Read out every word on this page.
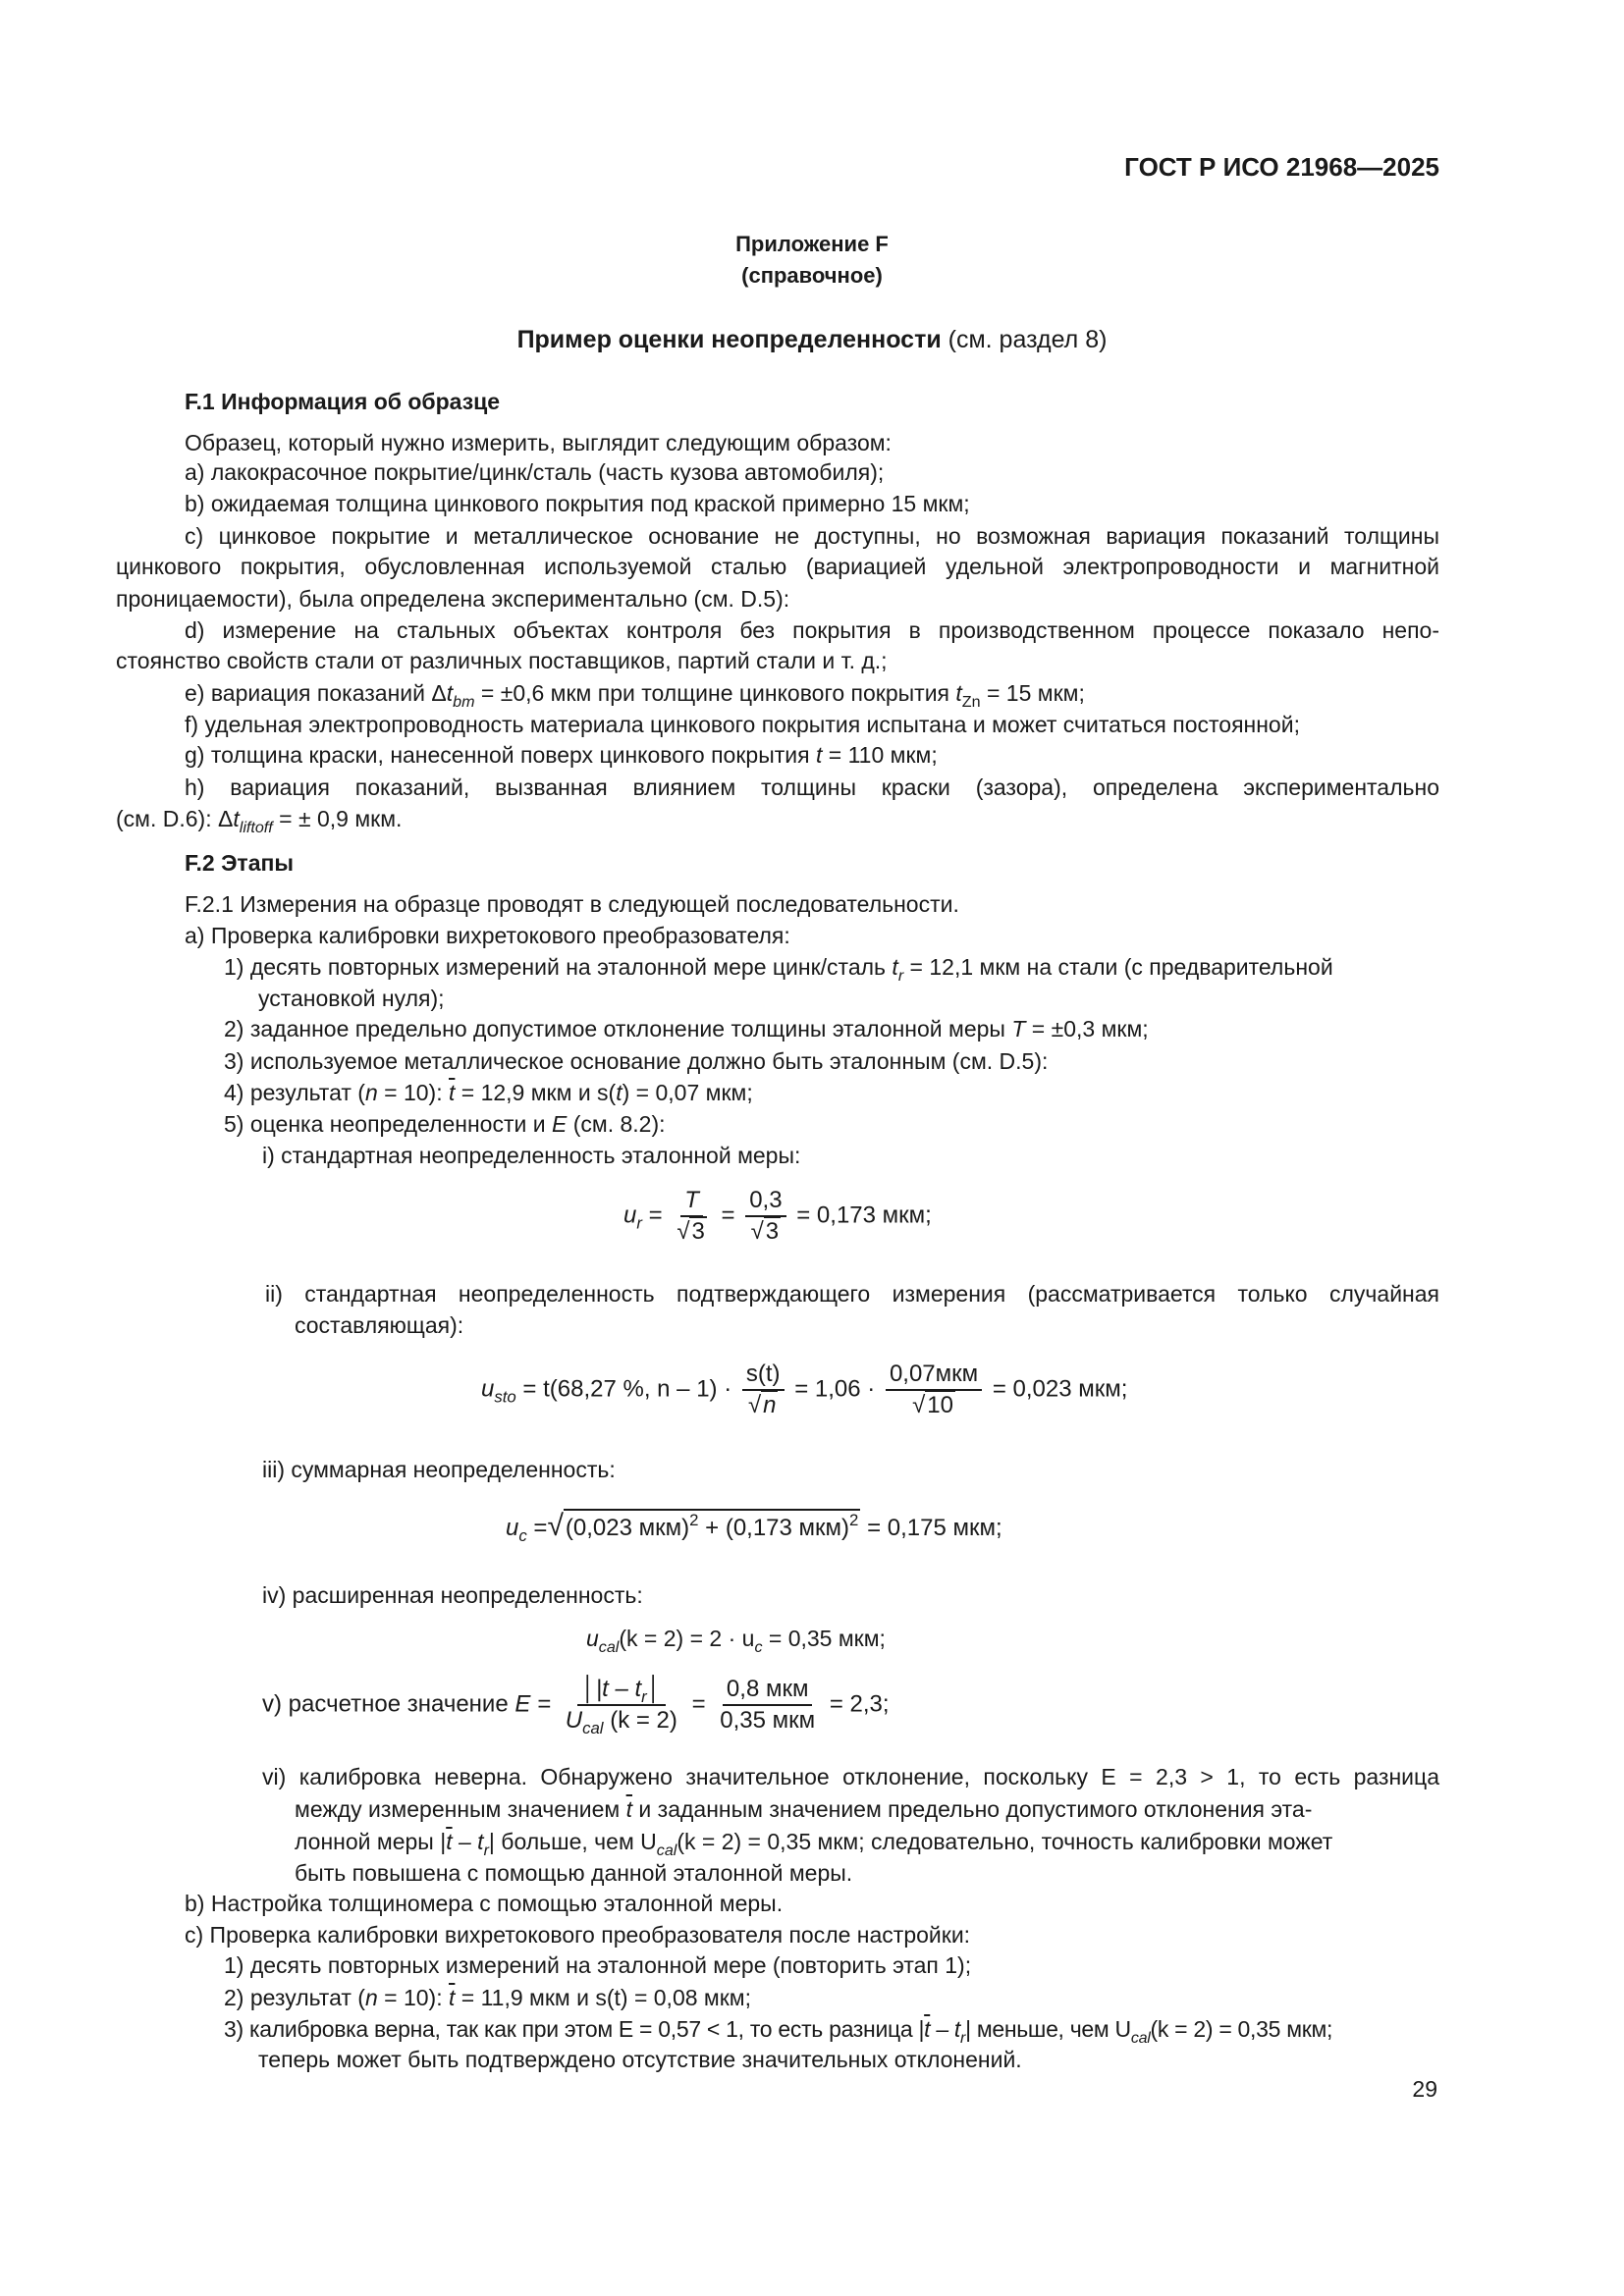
ГОСТ Р ИСО 21968—2025
Приложение F
(справочное)
Пример оценки неопределенности (см. раздел 8)
F.1 Информация об образце
Образец, который нужно измерить, выглядит следующим образом:
a) лакокрасочное покрытие/цинк/сталь (часть кузова автомобиля);
b) ожидаемая толщина цинкового покрытия под краской примерно 15 мкм;
c) цинковое покрытие и металлическое основание не доступны, но возможная вариация показаний толщины
цинкового покрытия, обусловленная используемой сталью (вариацией удельной электропроводности и магнитной
проницаемости), была определена экспериментально (см. D.5):
d) измерение на стальных объектах контроля без покрытия в производственном процессе показало непо-
стоянство свойств стали от различных поставщиков, партий стали и т. д.;
e) вариация показаний $\Delta t_{bm} = \pm 0,6$ мкм при толщине цинкового покрытия $t_{Zn} = 15$ мкм;
f) удельная электропроводность материала цинкового покрытия испытана и может считаться постоянной;
g) толщина краски, нанесенной поверх цинкового покрытия t = 110 мкм;
h) вариация показаний, вызванная влиянием толщины краски (зазора), определена экспериментально
(см. D.6): $\Delta t_{liftoff}$ = ± 0,9 мкм.
F.2 Этапы
F.2.1 Измерения на образце проводят в следующей последовательности.
a) Проверка калибровки вихретокового преобразователя:
1) десять повторных измерений на эталонной мере цинк/сталь $t_r = 12,1$ мкм на стали (с предварительной
установкой нуля);
2) заданное предельно допустимое отклонение толщины эталонной меры T = ±0,3 мкм;
3) используемое металлическое основание должно быть эталонным (см. D.5):
4) результат (n = 10): $\overline{t} = 12,9$ мкм и s(t) = 0,07 мкм;
5) оценка неопределенности и E (см. 8.2):
i) стандартная неопределенность эталонной меры:
$u_r = T$
√ 3 = 0,3
√ 3 = 0,173 мкм;
ii) стандартная неопределенность подтверждающего измерения (рассматривается только случайная
составляющая):
$u_{sto} = t(68,27$ %, n – 1) · s(t)
√ n = 1,06 · 0,07мкм
√ 10 = 0,023 мкм;
iii) суммарная неопределенность:
$u_c$ = √ (0,023 мкм)$^2$ + (0,173 мкм)$^2$ = 0,175 мкм;
iv) расширенная неопределенность:
$u_{cal}(k = 2) = 2 \cdot u_c = 0,35$ мкм;
v) расчетное значение $E = \frac{│|t - t_r│}{U_{cal} (k = 2)} = \frac{\text{0,8 мкм}}{\text{0,35 мкм}} = 2,3$;
vi) калибровка неверна. Обнаружено значительное отклонение, поскольку E = 2,3 > 1, то есть разница
между измеренным значением $\overline{t}$ и заданным значением предельно допустимого отклонения эта-
лонной меры $|\overline{t} - t_r|$ больше, чем $U_{cal}(k = 2) = 0,35$ мкм; следовательно, точность калибровки может
быть повышена с помощью данной эталонной меры.
b) Настройка толщиномера с помощью эталонной меры.
c) Проверка калибровки вихретокового преобразователя после настройки:
1) десять повторных измерений на эталонной мере (повторить этап 1);
2) результат (n = 10): $\overline{t} = 11,9$ мкм и s(t) = 0,08 мкм;
3) калибровка верна, так как при этом E = 0,57 < 1, то есть разница $|\overline{t} - t_r|$ меньше, чем $U_{cal}(k = 2) = 0,35$ мкм;
теперь может быть подтверждено отсутствие значительных отклонений.
29
